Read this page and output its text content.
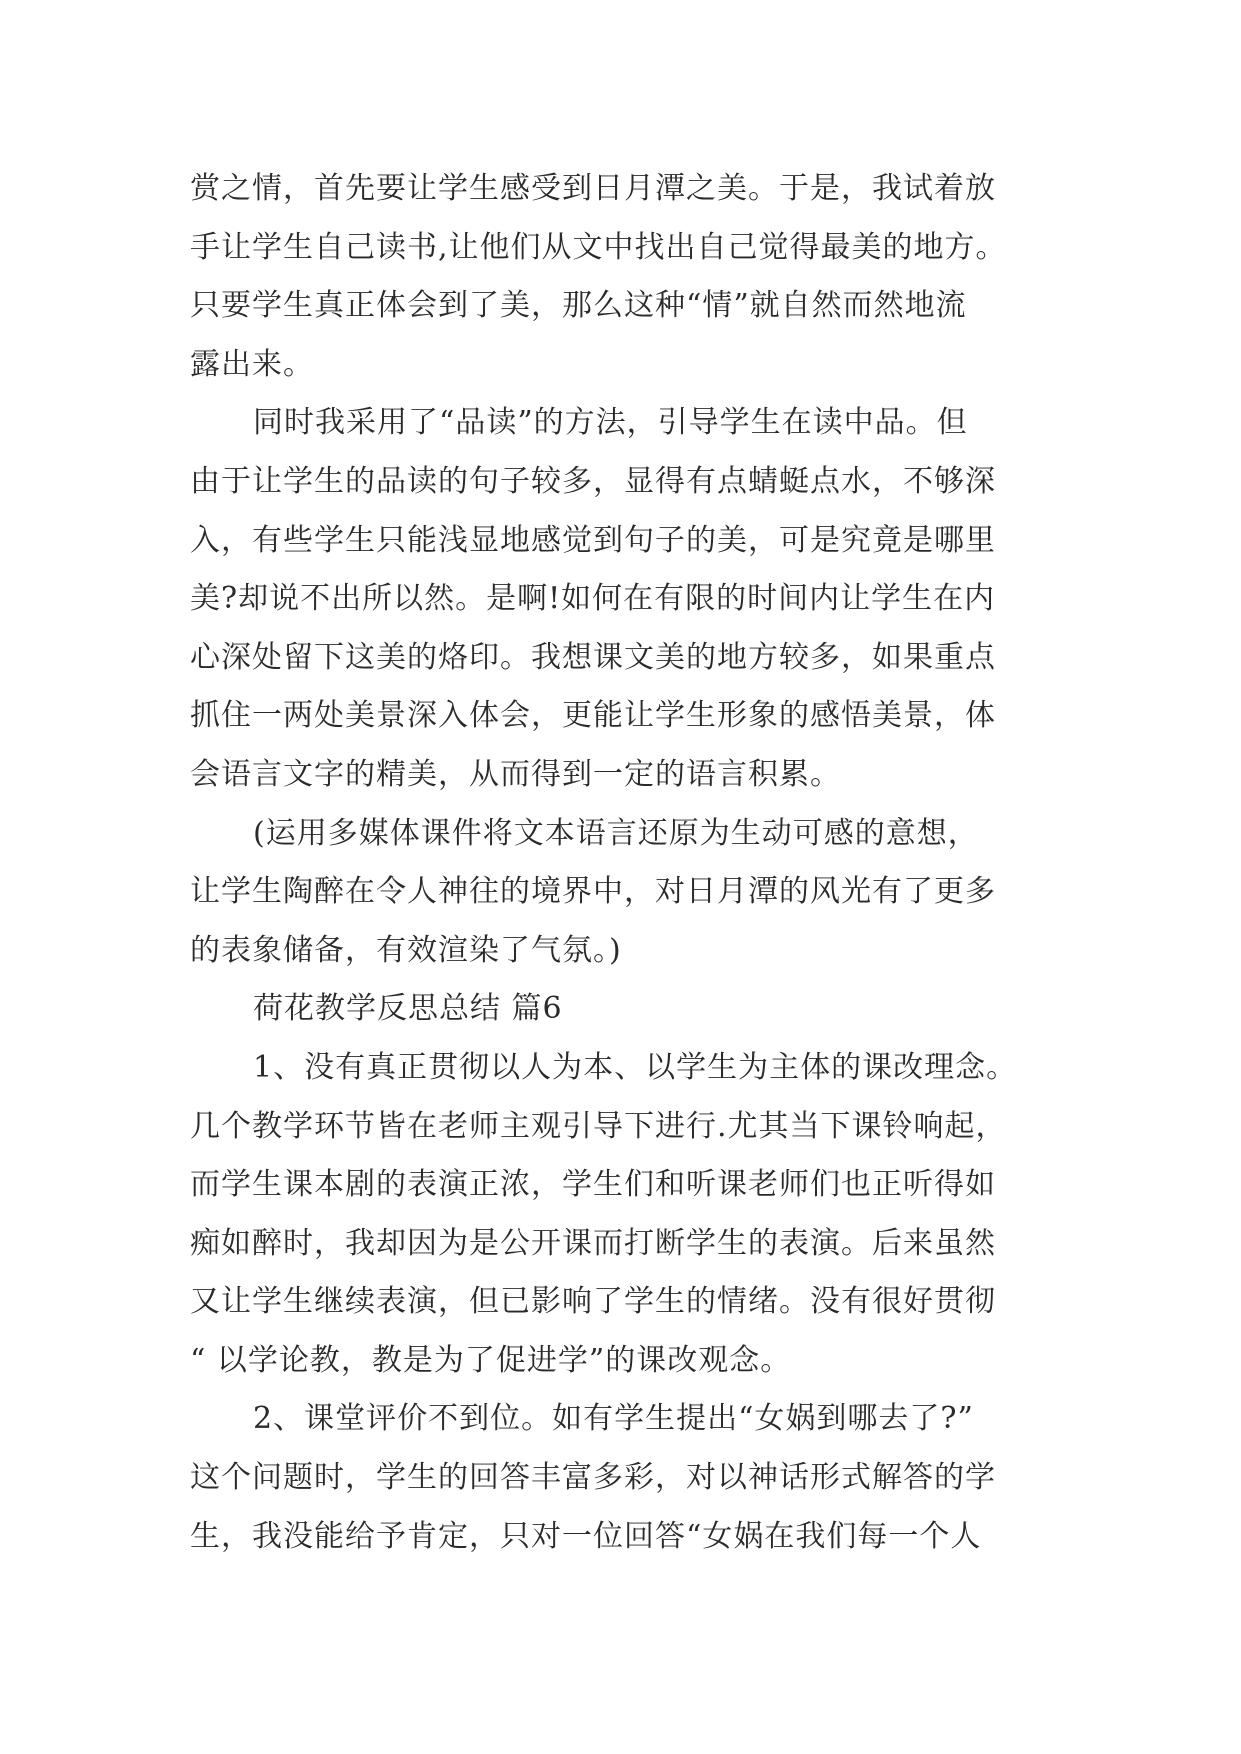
赏之情，首先要让学生感受到日月潭之美。于是，我试着放
手让学生自己读书,让他们从文中找出自己觉得最美的地方。
只要学生真正体会到了美，那么这种“情”就自然而然地流
露出来。
同时我采用了“品读”的方法，引导学生在读中品。但
由于让学生的品读的句子较多，显得有点蜻蜓点水，不够深
入，有些学生只能浅显地感觉到句子的美，可是究竟是哪里
美?却说不出所以然。是啊!如何在有限的时间内让学生在内
心深处留下这美的烙印。我想课文美的地方较多，如果重点
抓住一两处美景深入体会，更能让学生形象的感悟美景，体
会语言文字的精美，从而得到一定的语言积累。
(运用多媒体课件将文本语言还原为生动可感的意想，
让学生陶醉在令人神往的境界中，对日月潭的风光有了更多
的表象储备，有效渲染了气氛。)
荷花教学反思总结 篇6
1、没有真正贯彻以人为本、以学生为主体的课改理念。
几个教学环节皆在老师主观引导下进行.尤其当下课铃响起，
而学生课本剧的表演正浓，学生们和听课老师们也正听得如
痴如醉时，我却因为是公开课而打断学生的表演。后来虽然
又让学生继续表演，但已影响了学生的情绪。没有很好贯彻
“ 以学论教，教是为了促进学”的课改观念。
2、课堂评价不到位。如有学生提出“女娲到哪去了?”
这个问题时，学生的回答丰富多彩，对以神话形式解答的学
生，我没能给予肯定，只对一位回答“女娲在我们每一个人
